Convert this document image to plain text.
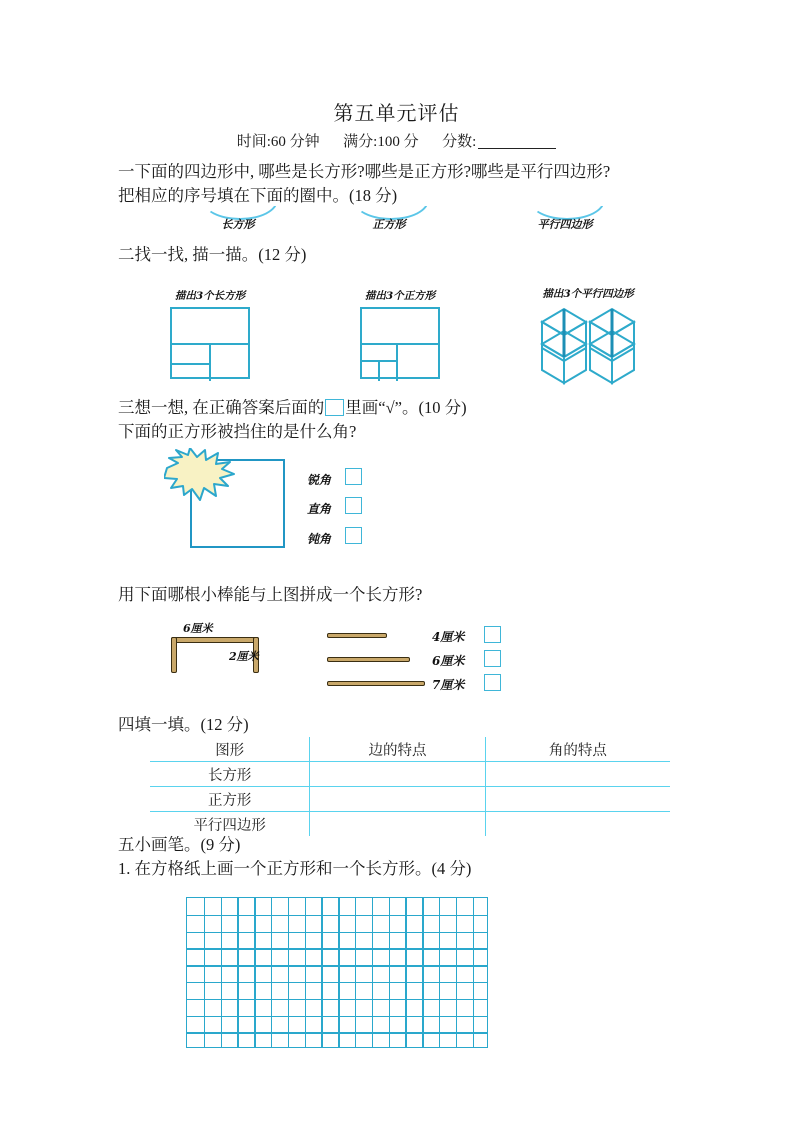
第五单元评估
时间:60 分钟 满分:100 分 分数:
一下面的四边形中, 哪些是长方形?哪些是正方形?哪些是平行四边形?
把相应的序号填在下面的圈中。(18 分)
长方形	正方形	平行四边形
二找一找, 描一描。(12 分)
描出3个长方形	描出3个正方形	描出3个平行四边形
三想一想, 在正确答案后面的 里画“√”。(10 分)
下面的正方形被挡住的是什么角?
锐角
直角
钝角
用下面哪根小棒能与上图拼成一个长方形?
6厘米
2厘米
4厘米
6厘米
7厘米
四填一填。(12 分)
图形	边的特点	角的特点
长方形		
正方形		
平行四边形		
五小画笔。(9 分)
1. 在方格纸上画一个正方形和一个长方形。(4 分)
